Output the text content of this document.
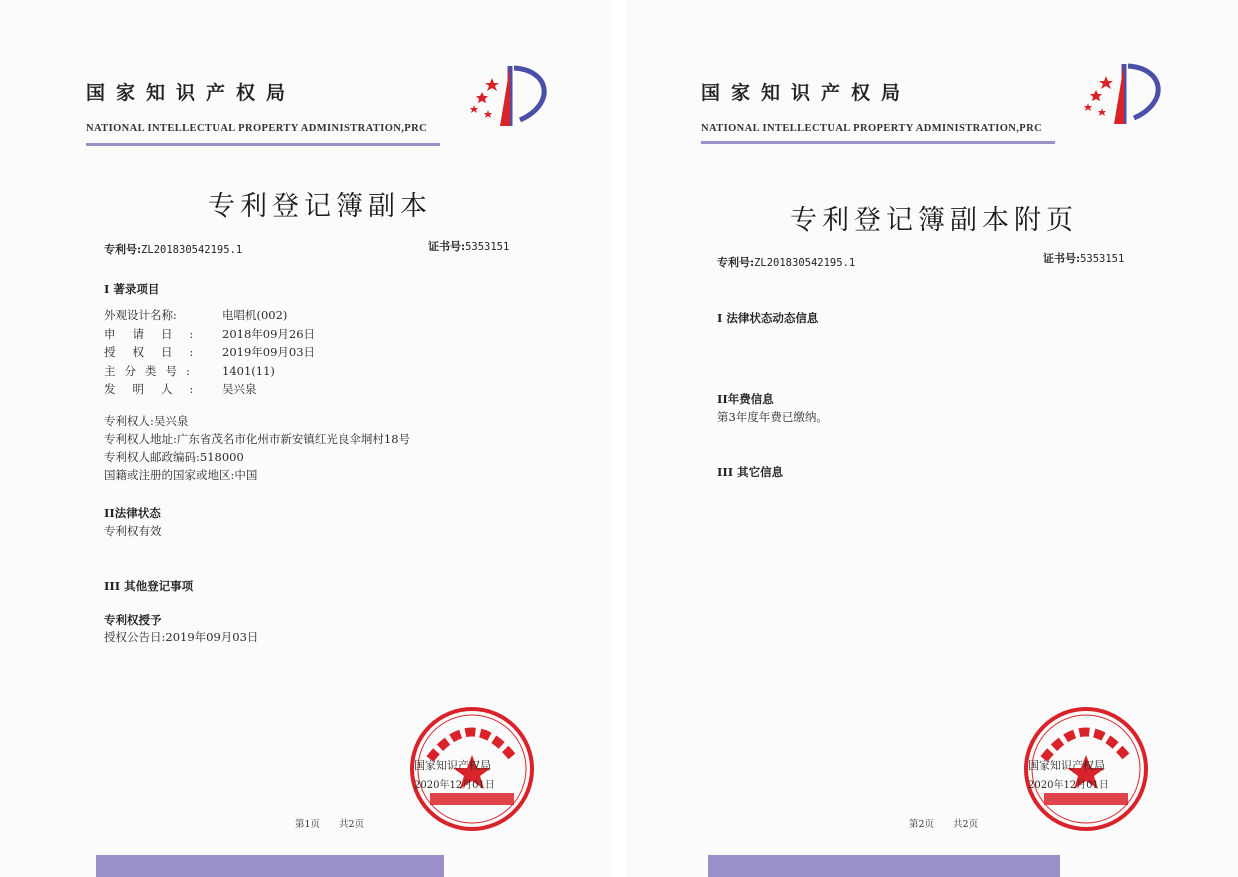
国家知识产权局
NATIONAL INTELLECTUAL PROPERTY ADMINISTRATION,PRC
专利登记簿副本
专利号:ZL201830542195.1	证书号:5353151
I 著录项目
外观设计名称:	电唱机(002)
申请日:	2018年09月26日
授权日:	2019年09月03日
主分类号:	1401(11)
发明人:	吴兴泉
专利权人:吴兴泉
专利权人地址:广东省茂名市化州市新安镇红光良伞垌村18号
专利权人邮政编码:518000
国籍或注册的国家或地区:中国
II法律状态
专利权有效
III 其他登记事项
专利权授予
授权公告日:2019年09月03日
国家知识产权局
2020年12月01日
第1页　　共2页
国家知识产权局
NATIONAL INTELLECTUAL PROPERTY ADMINISTRATION,PRC
专利登记簿副本附页
专利号:ZL201830542195.1	证书号:5353151
I 法律状态动态信息
II年费信息
第3年度年费已缴纳。
III 其它信息
国家知识产权局
2020年12月01日
第2页　　共2页
